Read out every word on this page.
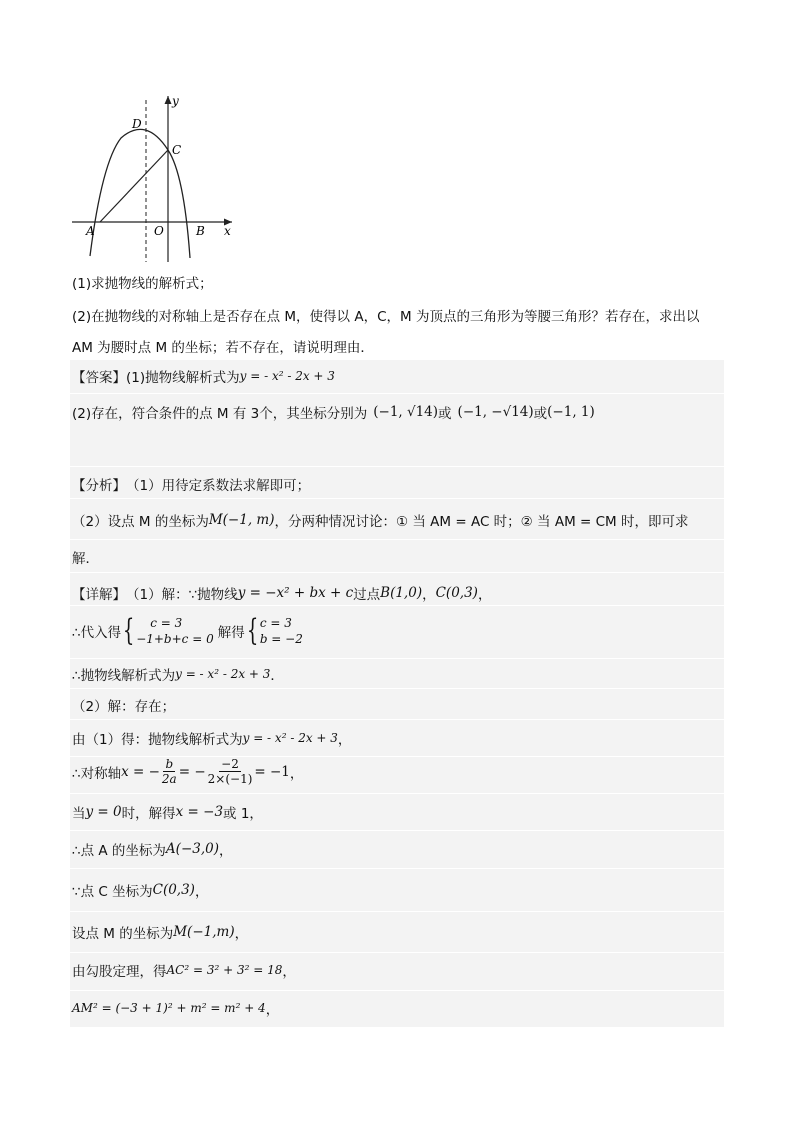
y
D
C
A	O	B x
(1)求抛物线的解析式；
(2)在抛物线的对称轴上是否存在点 M，使得以 A，C，M 为顶点的三角形为等腰三角形？若存在，求出以
AM 为腰时点 M 的坐标；若不存在，请说明理由．
【答案】 (1)抛物线解析式为 y = - x² - 2x + 3
(2)存在，符合条件的点 M 有 3个，其坐标分别为 (−1, √14) 或 (−1, −√14) 或 (−1, 1)
【分析】 （1）用待定系数法求解即可；
（2）设点 M 的坐标为 M(−1, m) ，分两种情况讨论：① 当 AM = AC 时；② 当 AM = CM 时，即可求
解．
【详解】 （1）解：∵抛物线 y = −x² + bx + c 过点 B(1,0) ， C(0,3) ，
∴代入得 {	c = 3
−1+b+c = 0 解得 { c = 3
b = −2
∴抛物线解析式为 y = - x² - 2x + 3 ．
（2）解：存在；
由（1）得：抛物线解析式为 y = - x² - 2x + 3 ，
∴对称轴 x = − $\frac{b}{2a}$ = − $\frac{-2}{2\times(-1)} = -1$ ，
当 y = 0 时，解得 x = −3 或 1，
∴点 A 的坐标为 A(−3,0) ，
∵点 C 坐标为 C(0,3) ，
设点 M 的坐标为 M(−1,m) ，
由勾股定理，得 AC² = 3² + 3² = 18 ，
AM² = (−3 + 1)² + m² = m² + 4 ，
